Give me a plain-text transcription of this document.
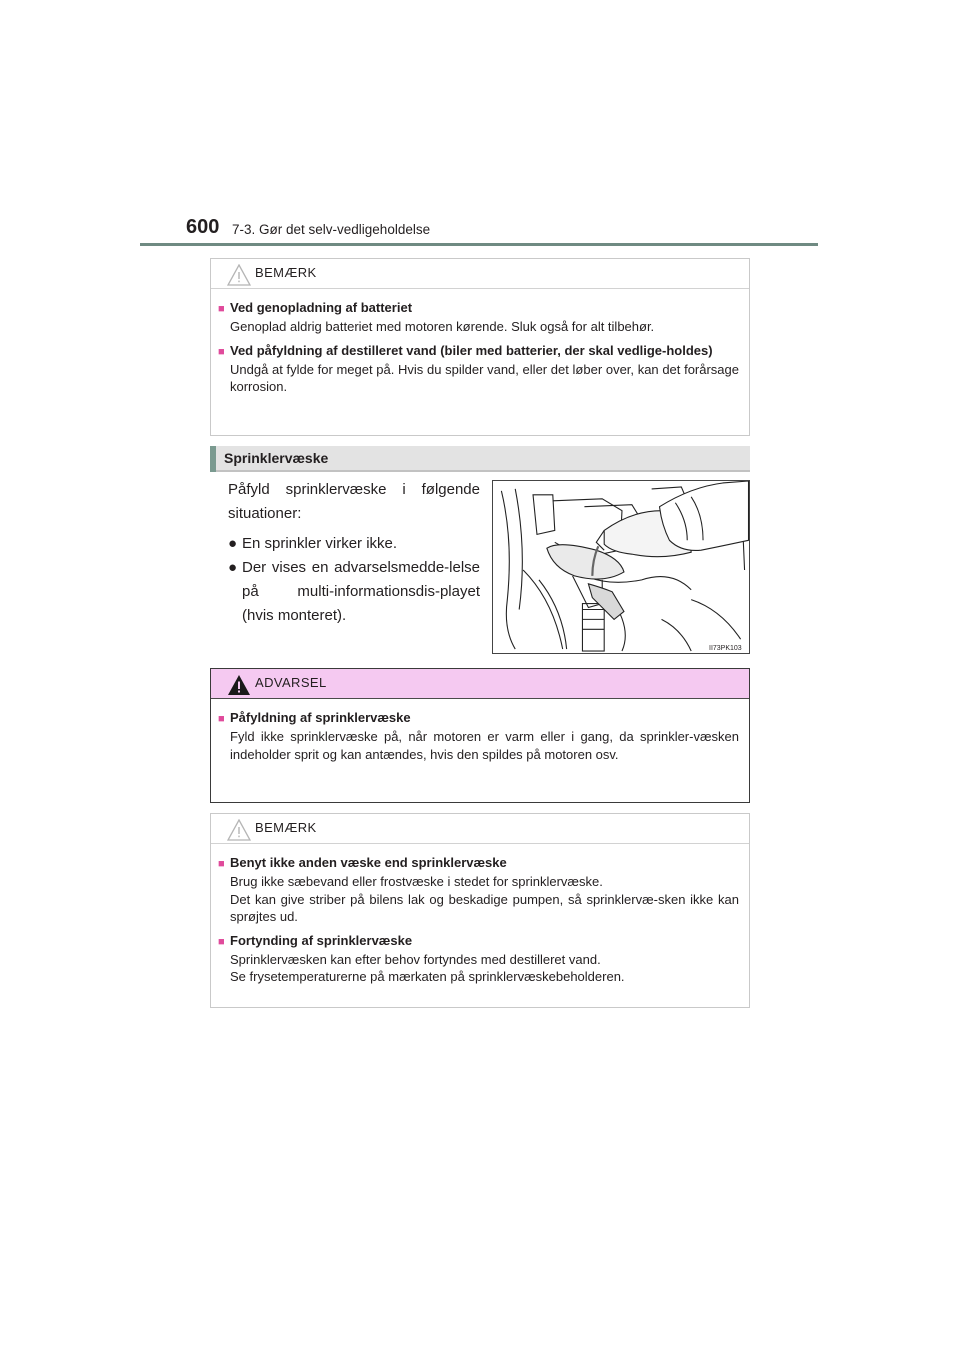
600 7-3. Gør det selv-vedligeholdelse
BEMÆRK
■ Ved genopladning af batteriet
Genoplad aldrig batteriet med motoren kørende. Sluk også for alt tilbehør.
■ Ved påfyldning af destilleret vand (biler med batterier, der skal vedlige-holdes)
Undgå at fylde for meget på. Hvis du spilder vand, eller det løber over, kan det forårsage korrosion.
Sprinklervæske

Påfyld sprinklervæske i følgende situationer:

● En sprinkler virker ikke.
● Der vises en advarselsmedde-lelse på multi-informationsdis-playet (hvis monteret).
II73PK103
ADVARSEL
■ Påfyldning af sprinklervæske
Fyld ikke sprinklervæske på, når motoren er varm eller i gang, da sprinkler-væsken indeholder sprit og kan antændes, hvis den spildes på motoren osv.
BEMÆRK
■ Benyt ikke anden væske end sprinklervæske
Brug ikke sæbevand eller frostvæske i stedet for sprinklervæske.
Det kan give striber på bilens lak og beskadige pumpen, så sprinklervæ-sken ikke kan sprøjtes ud.
■ Fortynding af sprinklervæske
Sprinklervæsken kan efter behov fortyndes med destilleret vand.
Se frysetemperaturerne på mærkaten på sprinklervæskebeholderen.
